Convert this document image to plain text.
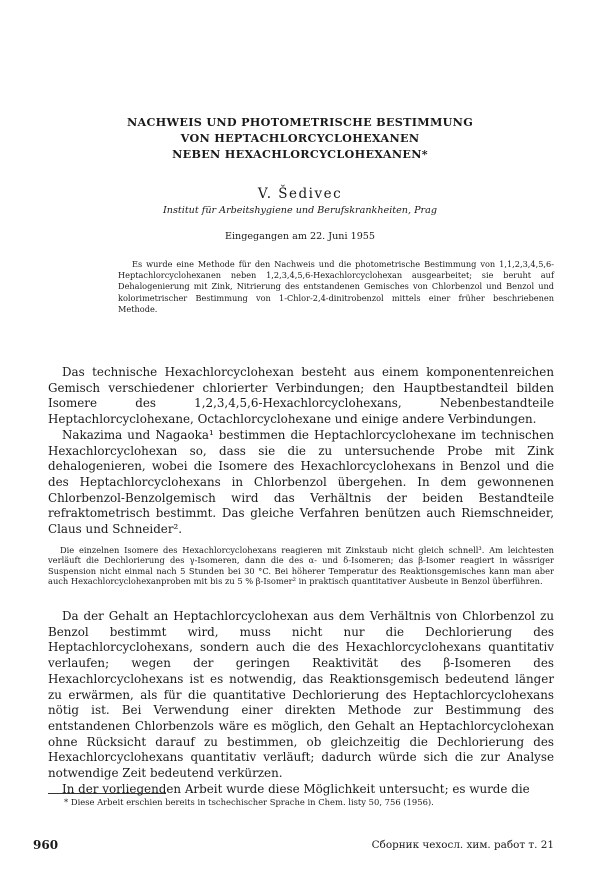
NACHWEIS UND PHOTOMETRISCHE BESTIMMUNG
VON HEPTACHLORCYCLOHEXANEN
NEBEN HEXACHLORCYCLOHEXANEN*
V. Šedivec
Institut für Arbeitshygiene und Berufskrankheiten, Prag
Eingegangen am 22. Juni 1955

Es wurde eine Methode für den Nachweis und die photometrische Bestimmung von 1,1,2,3,4,5,6-Heptachlorcyclohexanen neben 1,2,3,4,5,6-Hexachlorcyclohexan ausgearbeitet; sie beruht auf Dehalogenierung mit Zink, Nitrierung des entstandenen Gemisches von Chlorbenzol und Benzol und kolorimetrischer Bestimmung von 1-Chlor-2,4-dinitrobenzol mittels einer früher beschriebenen Methode.

Das technische Hexachlorcyclohexan besteht aus einem komponentenreichen Gemisch verschiedener chlorierter Verbindungen; den Hauptbestandteil bilden Isomere des 1,2,3,4,5,6-Hexachlorcyclohexans, Nebenbestandteile Heptachlorcyclohexane, Octachlorcyclohexane und einige andere Verbindungen.

Nakazima und Nagaoka¹ bestimmen die Heptachlorcyclohexane im technischen Hexachlorcyclohexan so, dass sie die zu untersuchende Probe mit Zink dehalogenieren, wobei die Isomere des Hexachlorcyclohexans in Benzol und die des Heptachlorcyclohexans in Chlorbenzol übergehen. In dem gewonnenen Chlorbenzol-Benzolgemisch wird das Verhältnis der beiden Bestandteile refraktometrisch bestimmt. Das gleiche Verfahren benützen auch Riemschneider, Claus und Schneider².

Die einzelnen Isomere des Hexachlorcyclohexans reagieren mit Zinkstaub nicht gleich schnell³. Am leichtesten verläuft die Dechlorierung des γ-Isomeren, dann die des α- und δ-Isomeren; das β-Isomer reagiert in wässriger Suspension nicht einmal nach 5 Stunden bei 30 °C. Bei höherer Temperatur des Reaktionsgemisches kann man aber auch Hexachlorcyclohexanproben mit bis zu 5 % β-Isomer² in praktisch quantitativer Ausbeute in Benzol überführen.

Da der Gehalt an Heptachlorcyclohexan aus dem Verhältnis von Chlorbenzol zu Benzol bestimmt wird, muss nicht nur die Dechlorierung des Heptachlorcyclohexans, sondern auch die des Hexachlorcyclohexans quantitativ verlaufen; wegen der geringen Reaktivität des β-Isomeren des Hexachlorcyclohexans ist es notwendig, das Reaktionsgemisch bedeutend länger zu erwärmen, als für die quantitative Dechlorierung des Heptachlorcyclohexans nötig ist. Bei Verwendung einer direkten Methode zur Bestimmung des entstandenen Chlorbenzols wäre es möglich, den Gehalt an Heptachlorcyclohexan ohne Rücksicht darauf zu bestimmen, ob gleichzeitig die Dechlorierung des Hexachlorcyclohexans quantitativ verläuft; dadurch würde sich die zur Analyse notwendige Zeit bedeutend verkürzen.

In der vorliegenden Arbeit wurde diese Möglichkeit untersucht; es wurde die

* Diese Arbeit erschien bereits in tschechischer Sprache in Chem. listy 50, 756 (1956).
960	Сборник чехосл. хим. работ т. 21
